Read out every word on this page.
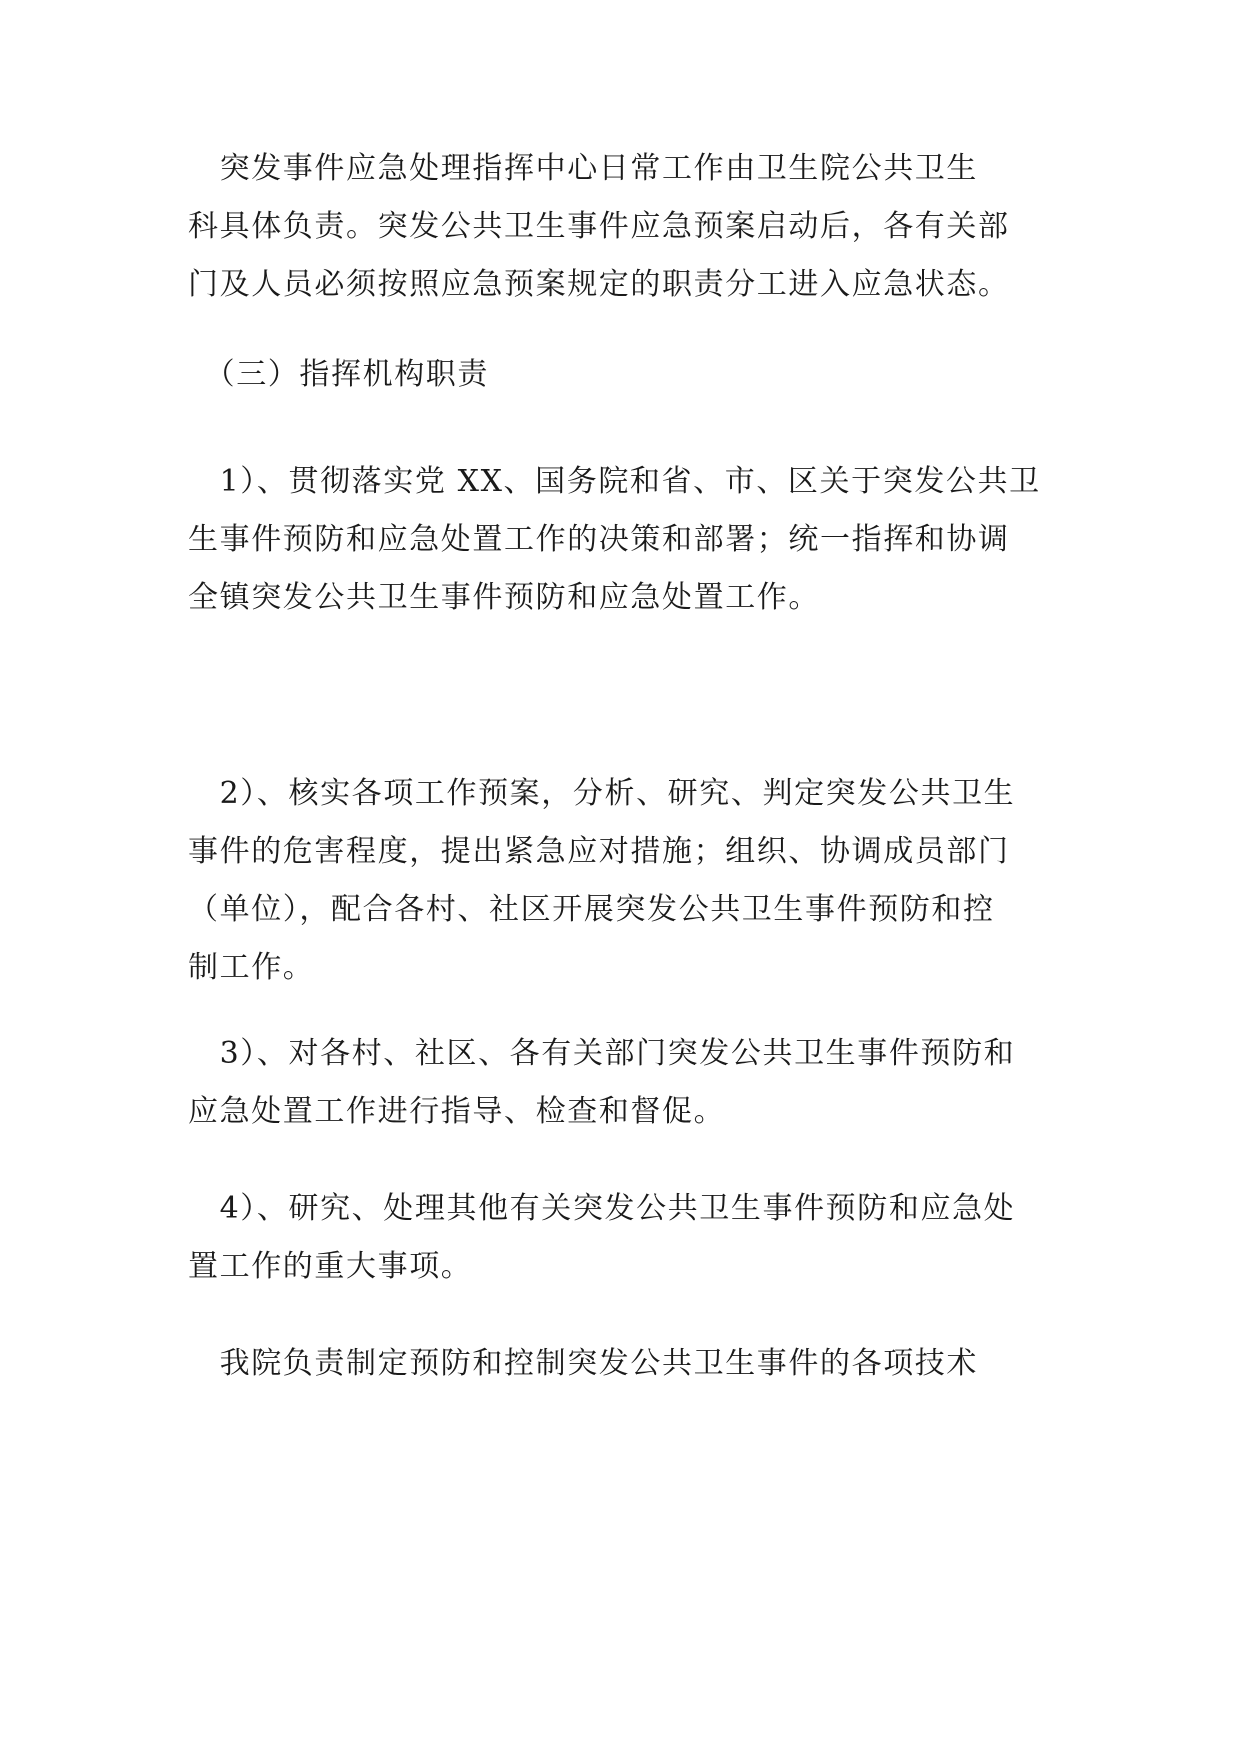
　突发事件应急处理指挥中心日常工作由卫生院公共卫生
科具体负责。突发公共卫生事件应急预案启动后，各有关部
门及人员必须按照应急预案规定的职责分工进入应急状态。
　（三）指挥机构职责
　1）、贯彻落实党 XX、国务院和省、市、区关于突发公共卫
生事件预防和应急处置工作的决策和部署；统一指挥和协调
全镇突发公共卫生事件预防和应急处置工作。
　2）、核实各项工作预案，分析、研究、判定突发公共卫生
事件的危害程度，提出紧急应对措施；组织、协调成员部门
（单位），配合各村、社区开展突发公共卫生事件预防和控
制工作。
　3）、对各村、社区、各有关部门突发公共卫生事件预防和
应急处置工作进行指导、检查和督促。
　4）、研究、处理其他有关突发公共卫生事件预防和应急处
置工作的重大事项。
　我院负责制定预防和控制突发公共卫生事件的各项技术
